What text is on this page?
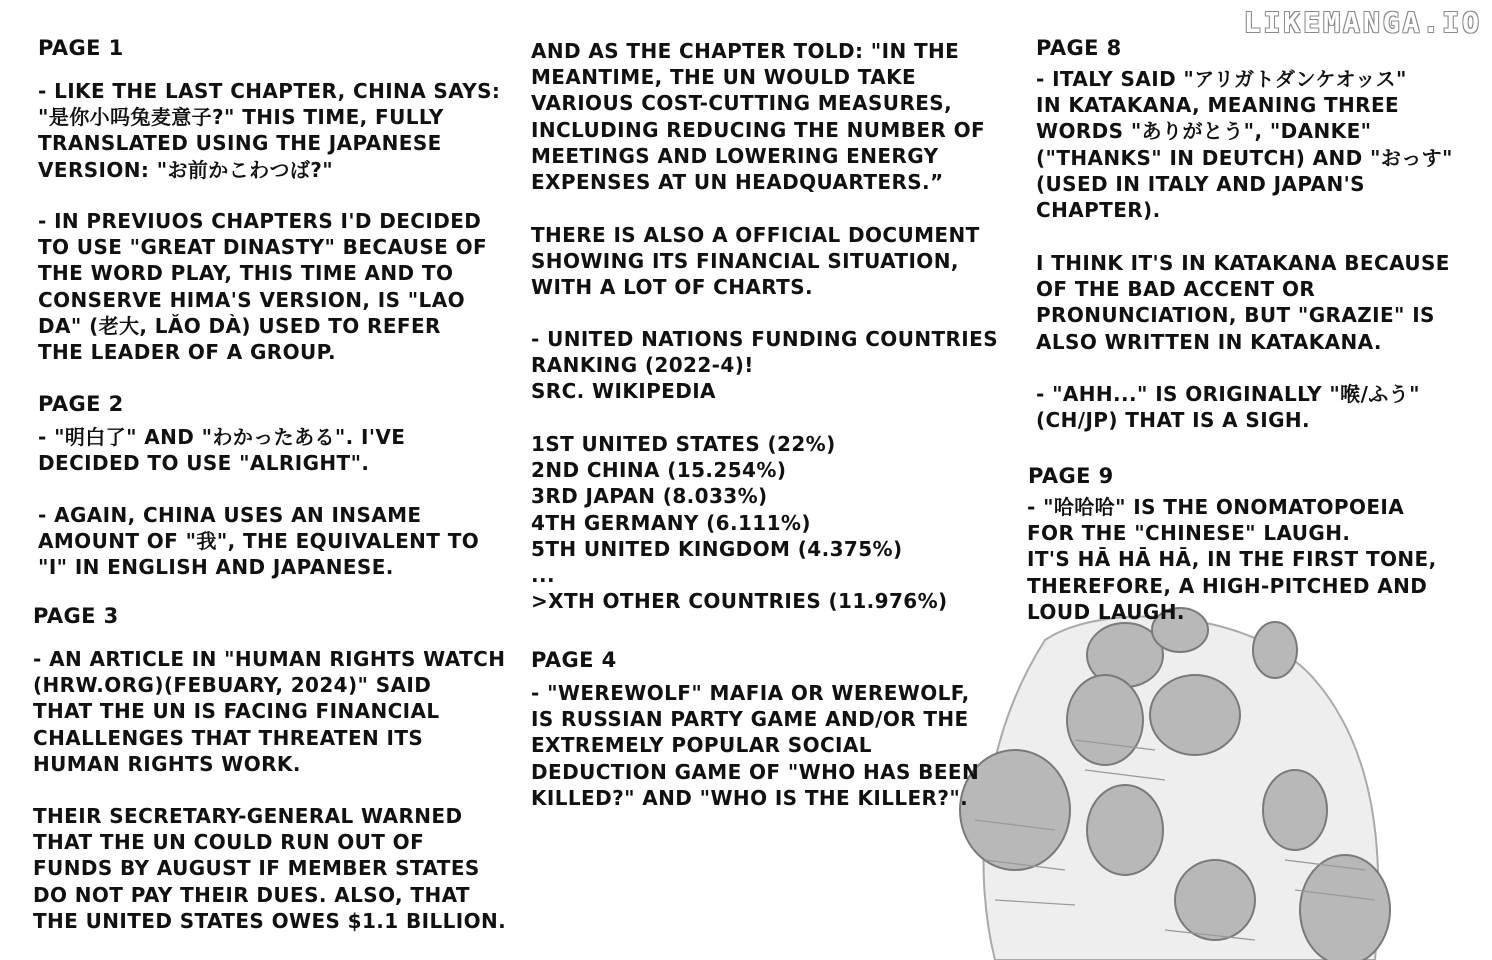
LIKEMANGA.IO

PAGE 1

- LIKE THE LAST CHAPTER, CHINA SAYS:
"是你小吗兔麦意子?" THIS TIME, FULLY
TRANSLATED USING THE JAPANESE
VERSION: "お前かこわつば?"

- IN PREVIUOS CHAPTERS I'D DECIDED
TO USE "GREAT DINASTY" BECAUSE OF
THE WORD PLAY, THIS TIME AND TO
CONSERVE HIMA'S VERSION, IS "LAO
DA" (老大, LǍO DÀ) USED TO REFER
THE LEADER OF A GROUP.

PAGE 2

- "明白了" AND "わかったある". I'VE
DECIDED TO USE "ALRIGHT".

- AGAIN, CHINA USES AN INSAME
AMOUNT OF "我", THE EQUIVALENT TO
"I" IN ENGLISH AND JAPANESE.

PAGE 3

- AN ARTICLE IN "HUMAN RIGHTS WATCH
(HRW.ORG)(FEBUARY, 2024)" SAID
THAT THE UN IS FACING FINANCIAL
CHALLENGES THAT THREATEN ITS
HUMAN RIGHTS WORK.

THEIR SECRETARY-GENERAL WARNED
THAT THE UN COULD RUN OUT OF
FUNDS BY AUGUST IF MEMBER STATES
DO NOT PAY THEIR DUES. ALSO, THAT
THE UNITED STATES OWES $1.1 BILLION.

AND AS THE CHAPTER TOLD: "IN THE
MEANTIME, THE UN WOULD TAKE
VARIOUS COST-CUTTING MEASURES,
INCLUDING REDUCING THE NUMBER OF
MEETINGS AND LOWERING ENERGY
EXPENSES AT UN HEADQUARTERS.”

THERE IS ALSO A OFFICIAL DOCUMENT
SHOWING ITS FINANCIAL SITUATION,
WITH A LOT OF CHARTS.

- UNITED NATIONS FUNDING COUNTRIES
RANKING (2022-4)!
SRC. WIKIPEDIA

1ST UNITED STATES (22%)
2ND CHINA (15.254%)
3RD JAPAN (8.033%)
4TH GERMANY (6.111%)
5TH UNITED KINGDOM (4.375%)
...
>XTH OTHER COUNTRIES (11.976%)

PAGE 4

- "WEREWOLF" MAFIA OR WEREWOLF,
IS RUSSIAN PARTY GAME AND/OR THE
EXTREMELY POPULAR SOCIAL
DEDUCTION GAME OF "WHO HAS BEEN
KILLED?" AND "WHO IS THE KILLER?".

PAGE 8

- ITALY SAID "アリガトダンケオッス"
IN KATAKANA, MEANING THREE
WORDS "ありがとう", "DANKE"
("THANKS" IN DEUTCH) AND "おっす"
(USED IN ITALY AND JAPAN'S
CHAPTER).

I THINK IT'S IN KATAKANA BECAUSE
OF THE BAD ACCENT OR
PRONUNCIATION, BUT "GRAZIE" IS
ALSO WRITTEN IN KATAKANA.

- "AHH..." IS ORIGINALLY "喉/ふう"
(CH/JP) THAT IS A SIGH.

PAGE 9

- "哈哈哈" IS THE ONOMATOPOEIA
FOR THE "CHINESE" LAUGH.
IT'S HĀ HĀ HĀ, IN THE FIRST TONE,
THEREFORE, A HIGH-PITCHED AND
LOUD LAUGH.
